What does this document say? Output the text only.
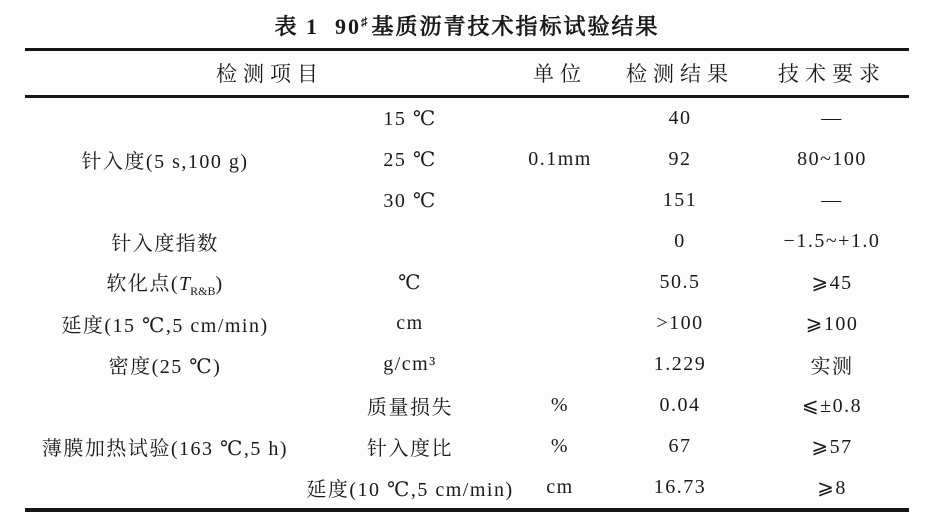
表 1 90♯基质沥青技术指标试验结果
检测项目		单位	检测结果	技术要求
针入度(5 s,100 g)	15 ℃	0.1mm	40	—
	25 ℃		92	80~100
	30 ℃		151	—
针入度指数			0	−1.5~+1.0
软化点$(T_{R\&B})$	℃		50.5	⩾45
延度(15 ℃,5 cm/min)	cm		>100	⩾100
密度(25 ℃)	g/cm³		1.229	实测
薄膜加热试验(163 ℃,5 h)	质量损失	%	0.04	⩽±0.8
	针入度比	%	67	⩾57
	延度(10 ℃,5 cm/min)	cm	16.73	⩾8
